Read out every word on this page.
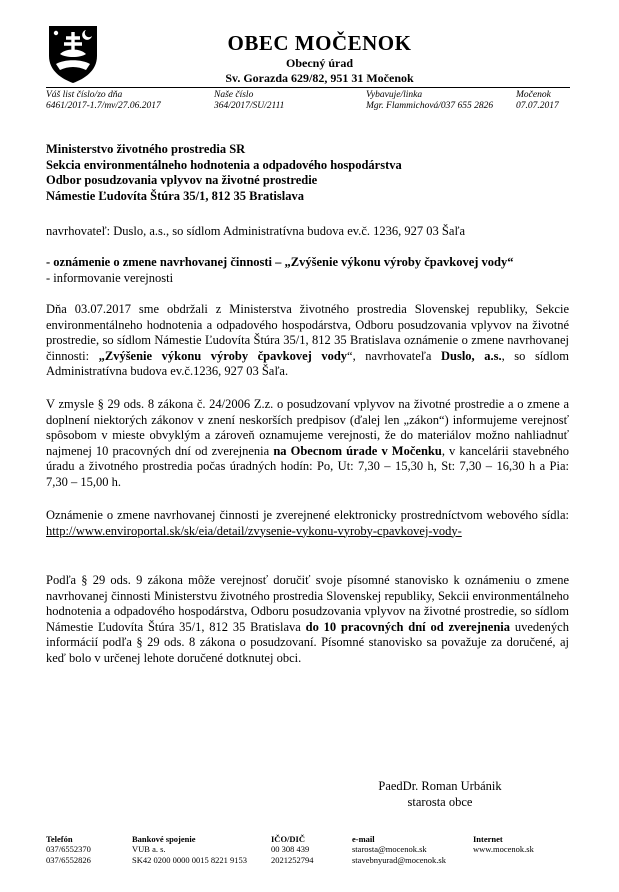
OBEC MOČENOK
Obecný úrad
Sv. Gorazda 629/82, 951 31 Močenok
Váš list číslo/zo dňa
6461/2017-1.7/mv/27.06.2017
Naše číslo
364/2017/SU/2111
Vybavuje/linka
Mgr. Flammichová/037 655 2826
Močenok
07.07.2017
Ministerstvo životného prostredia SR
Sekcia environmentálneho hodnotenia a odpadového hospodárstva
Odbor posudzovania vplyvov na životné prostredie
Námestie Ľudovíta Štúra 35/1, 812 35 Bratislava
navrhovateľ: Duslo, a.s., so sídlom Administratívna budova ev.č. 1236, 927 03 Šaľa
- oznámenie o zmene navrhovanej činnosti – „Zvýšenie výkonu výroby čpavkovej vody“
- informovanie verejnosti
Dňa 03.07.2017 sme obdržali z Ministerstva životného prostredia Slovenskej republiky, Sekcie environmentálneho hodnotenia a odpadového hospodárstva, Odboru posudzovania vplyvov na životné prostredie, so sídlom Námestie Ľudovíta Štúra 35/1, 812 35 Bratislava oznámenie o zmene navrhovanej činnosti: „Zvýšenie výkonu výroby čpavkovej vody“, navrhovateľa Duslo, a.s., so sídlom Administratívna budova ev.č.1236, 927 03 Šaľa.
V zmysle § 29 ods. 8 zákona č. 24/2006 Z.z. o posudzovaní vplyvov na životné prostredie a o zmene a doplnení niektorých zákonov v znení neskorších predpisov (ďalej len „zákon“) informujeme verejnosť spôsobom v mieste obvyklým a zároveň oznamujeme verejnosti, že do materiálov možno nahliadnuť najmenej 10 pracovných dní od zverejnenia na Obecnom úrade v Močenku, v kancelárii stavebného úradu a životného prostredia počas úradných hodín: Po, Ut: 7,30 – 15,30 h, St: 7,30 – 16,30 h a Pia: 7,30 – 15,00 h.
Oznámenie o zmene navrhovanej činnosti je zverejnené elektronicky prostredníctvom webového sídla: http://www.enviroportal.sk/sk/eia/detail/zvysenie-vykonu-vyroby-cpavkovej-vody-
Podľa § 29 ods. 9 zákona môže verejnosť doručiť svoje písomné stanovisko k oznámeniu o zmene navrhovanej činnosti Ministerstvu životného prostredia Slovenskej republiky, Sekcii environmentálneho hodnotenia a odpadového hospodárstva, Odboru posudzovania vplyvov na životné prostredie, so sídlom Námestie Ľudovíta Štúra 35/1, 812 35 Bratislava do 10 pracovných dní od zverejnenia uvedených informácií podľa § 29 ods. 8 zákona o posudzovaní. Písomné stanovisko sa považuje za doručené, aj keď bolo v určenej lehote doručené dotknutej obci.
PaedDr. Roman Urbánik
starosta obce
Telefón
037/6552370
037/6552826
Bankové spojenie
VUB a. s.
SK42 0200 0000 0015 8221 9153
IČO/DIČ
00 308 439
2021252794
e-mail
starosta@mocenok.sk
stavebnyurad@mocenok.sk
Internet
www.mocenok.sk
